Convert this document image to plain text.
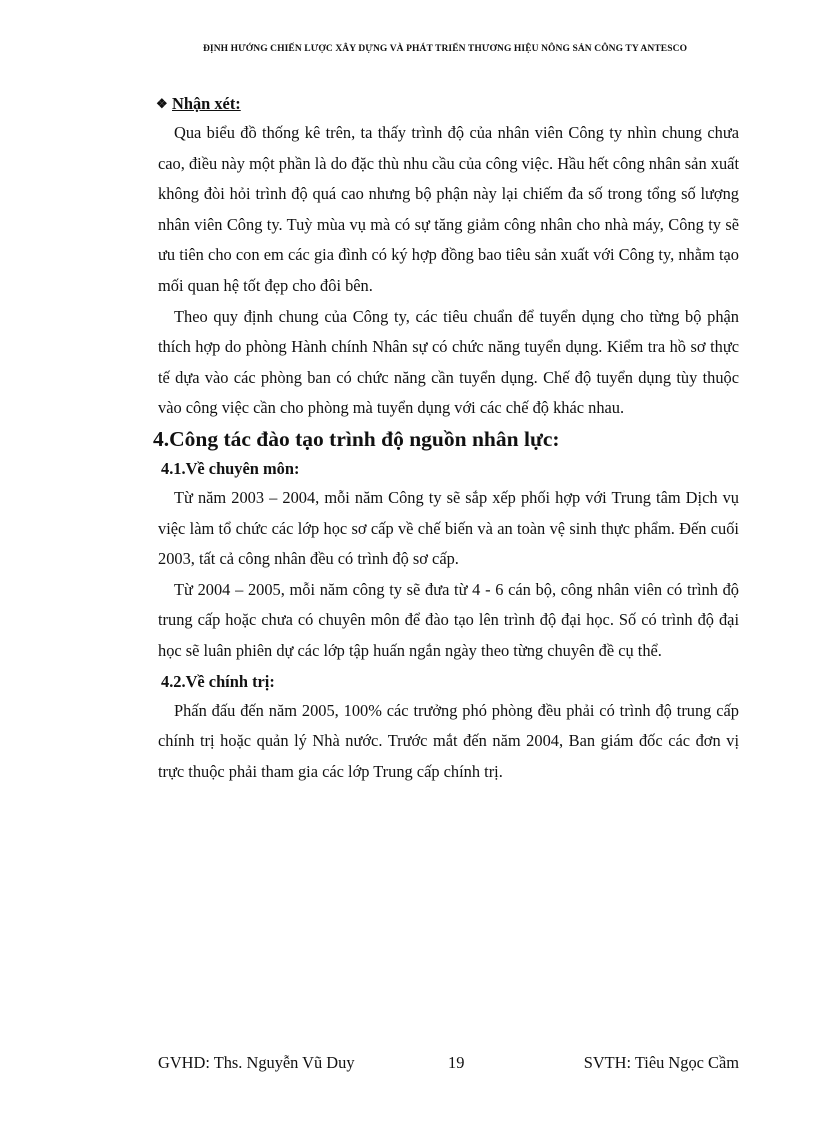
ĐỊNH HƯỚNG CHIẾN LƯỢC XÂY DỰNG VÀ PHÁT TRIỂN THƯƠNG HIỆU NÔNG SẢN CÔNG TY ANTESCO
❖ Nhận xét:

Qua biểu đồ thống kê trên, ta thấy trình độ của nhân viên Công ty nhìn chung chưa cao, điều này một phần là do đặc thù nhu cầu của công việc. Hầu hết công nhân sản xuất không đòi hỏi trình độ quá cao nhưng bộ phận này lại chiếm đa số trong tổng số lượng nhân viên Công ty. Tuỳ mùa vụ mà có sự tăng giảm công nhân cho nhà máy, Công ty sẽ ưu tiên cho con em các gia đình có ký hợp đồng bao tiêu sản xuất với Công ty, nhằm tạo mối quan hệ tốt đẹp cho đôi bên.

Theo quy định chung của Công ty, các tiêu chuẩn để tuyển dụng cho từng bộ phận thích hợp do phòng Hành chính Nhân sự có chức năng tuyển dụng. Kiểm tra hồ sơ thực tế dựa vào các phòng ban có chức năng cần tuyển dụng. Chế độ tuyển dụng tùy thuộc vào công việc cần cho phòng mà tuyển dụng với các chế độ khác nhau.

4.Công tác đào tạo trình độ nguồn nhân lực:
4.1.Về chuyên môn:

Từ năm 2003 – 2004, mỗi năm Công ty sẽ sắp xếp phối hợp với Trung tâm Dịch vụ việc làm tổ chức các lớp học sơ cấp về chế biến và an toàn vệ sinh thực phẩm. Đến cuối 2003, tất cả công nhân đều có trình độ sơ cấp.

Từ 2004 – 2005, mỗi năm công ty sẽ đưa từ 4 - 6 cán bộ, công nhân viên có trình độ trung cấp hoặc chưa có chuyên môn để đào tạo lên trình độ đại học. Số có trình độ đại học sẽ luân phiên dự các lớp tập huấn ngắn ngày theo từng chuyên đề cụ thể.

4.2.Về chính trị:

Phấn đấu đến năm 2005, 100% các trưởng phó phòng đều phải có trình độ trung cấp chính trị hoặc quản lý Nhà nước. Trước mắt đến năm 2004, Ban giám đốc các đơn vị trực thuộc phải tham gia các lớp Trung cấp chính trị.

GVHD: Ths. Nguyễn Vũ Duy	19	SVTH: Tiêu Ngọc Cầm
